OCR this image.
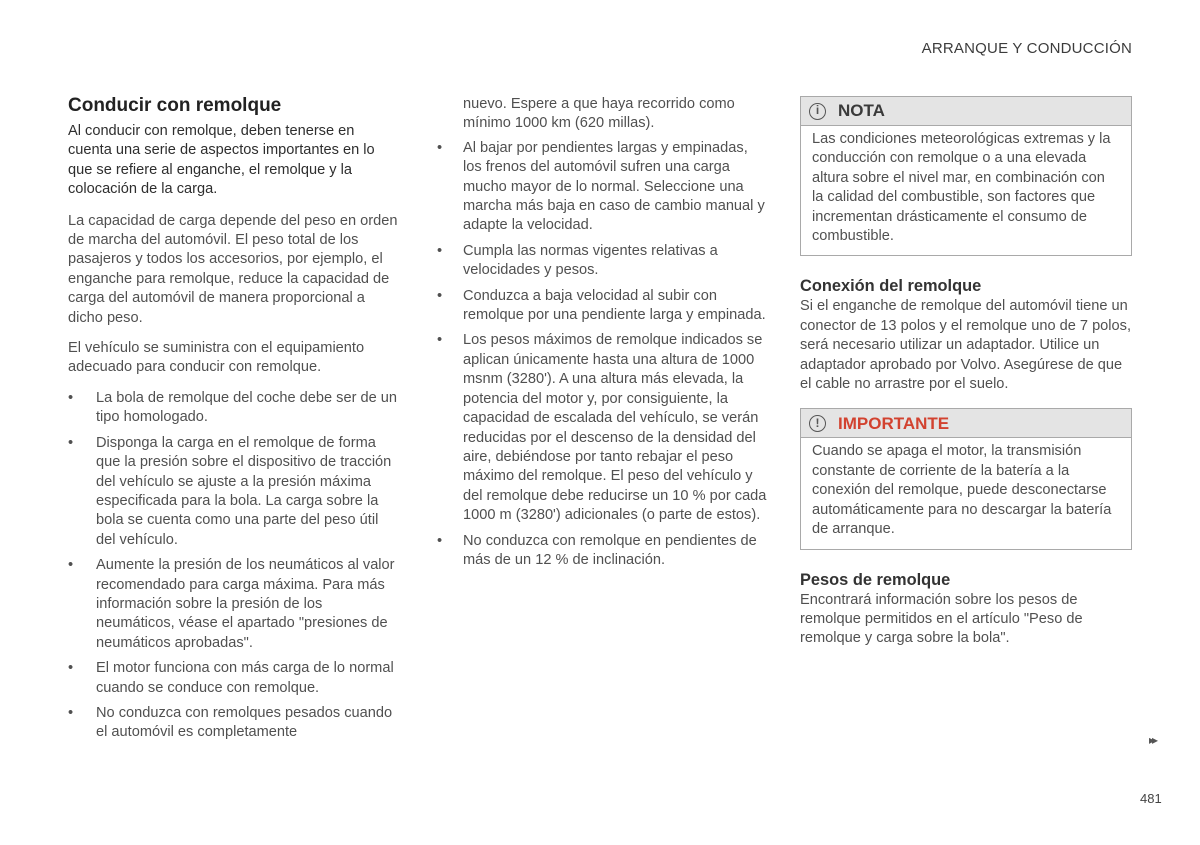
ARRANQUE Y CONDUCCIÓN
Conducir con remolque

Al conducir con remolque, deben tenerse en cuenta una serie de aspectos importantes en lo que se refiere al enganche, el remolque y la colocación de la carga.

La capacidad de carga depende del peso en orden de marcha del automóvil. El peso total de los pasajeros y todos los accesorios, por ejemplo, el enganche para remolque, reduce la capacidad de carga del automóvil de manera proporcional a dicho peso.

El vehículo se suministra con el equipamiento adecuado para conducir con remolque.

• La bola de remolque del coche debe ser de un tipo homologado.
• Disponga la carga en el remolque de forma que la presión sobre el dispositivo de tracción del vehículo se ajuste a la presión máxima especificada para la bola. La carga sobre la bola se cuenta como una parte del peso útil del vehículo.
• Aumente la presión de los neumáticos al valor recomendado para carga máxima. Para más información sobre la presión de los neumáticos, véase el apartado "presiones de neumáticos aprobadas".
• El motor funciona con más carga de lo normal cuando se conduce con remolque.
• No conduzca con remolques pesados cuando el automóvil es completamente
nuevo. Espere a que haya recorrido como mínimo 1000 km (620 millas).
• Al bajar por pendientes largas y empinadas, los frenos del automóvil sufren una carga mucho mayor de lo normal. Seleccione una marcha más baja en caso de cambio manual y adapte la velocidad.
• Cumpla las normas vigentes relativas a velocidades y pesos.
• Conduzca a baja velocidad al subir con remolque por una pendiente larga y empinada.
• Los pesos máximos de remolque indicados se aplican únicamente hasta una altura de 1000 msnm (3280'). A una altura más elevada, la potencia del motor y, por consiguiente, la capacidad de escalada del vehículo, se verán reducidas por el descenso de la densidad del aire, debiéndose por tanto rebajar el peso máximo del remolque. El peso del vehículo y del remolque debe reducirse un 10 % por cada 1000 m (3280') adicionales (o parte de estos).
• No conduzca con remolque en pendientes de más de un 12 % de inclinación.
i	NOTA
Las condiciones meteorológicas extremas y la conducción con remolque o a una elevada altura sobre el nivel mar, en combinación con la calidad del combustible, son factores que incrementan drásticamente el consumo de combustible.
Conexión del remolque
Si el enganche de remolque del automóvil tiene un conector de 13 polos y el remolque uno de 7 polos, será necesario utilizar un adaptador. Utilice un adaptador aprobado por Volvo. Asegúrese de que el cable no arrastre por el suelo.
!	IMPORTANTE
Cuando se apaga el motor, la transmisión constante de corriente de la batería a la conexión del remolque, puede desconectarse automáticamente para no descargar la batería de arranque.
Pesos de remolque
Encontrará información sobre los pesos de remolque permitidos en el artículo "Peso de remolque y carga sobre la bola".
▸▸
481
